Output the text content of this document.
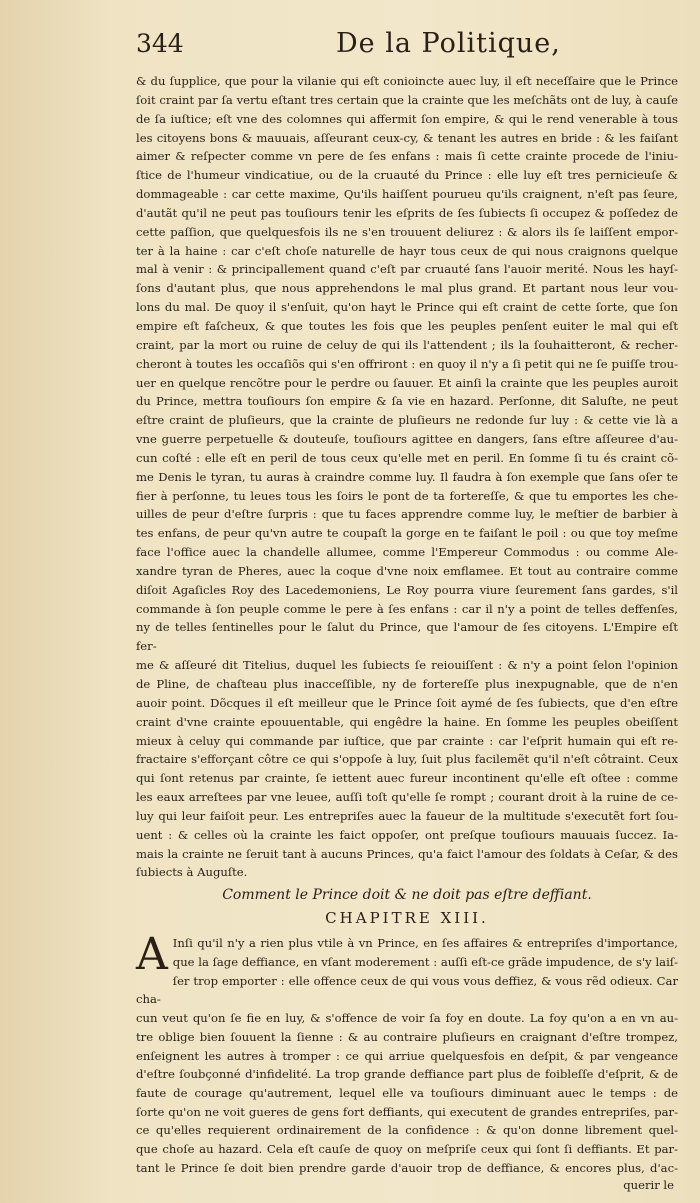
344	De la Politique,

& du ſupplice, que pour la vilanie qui eſt conioincte auec luy, il eſt neceſſaire que le Prince

ſoit craint par ſa vertu eſtant tres certain que la crainte que les meſchãts ont de luy, à cauſe

de ſa iuſtice; eſt vne des colomnes qui affermit ſon empire, & qui le rend venerable à tous

les citoyens bons & mauuais, aſſeurant ceux-cy, & tenant les autres en bride : & les faiſant

aimer & reſpecter comme vn pere de ſes enfans : mais ſi cette crainte procede de l'iniu-

ſtice de l'humeur vindicatiue, ou de la cruauté du Prince : elle luy eſt tres pernicieuſe &

dommageable : car cette maxime, Qu'ils haiſſent pourueu qu'ils craignent, n'eſt pas ſeure,

d'autãt qu'il ne peut pas touſiours tenir les eſprits de ſes ſubiects ſi occupez & poſſedez de

cette paſſion, que quelquesfois ils ne s'en trouuent deliurez : & alors ils ſe laiſſent empor-

ter à la haine : car c'eſt choſe naturelle de hayr tous ceux de qui nous craignons quelque

mal à venir : & principallement quand c'eſt par cruauté ſans l'auoir merité. Nous les hayſ-

ſons d'autant plus, que nous apprehendons le mal plus grand. Et partant nous leur vou-

lons du mal. De quoy il s'enſuit, qu'on hayt le Prince qui eſt craint de cette ſorte, que ſon

empire eſt faſcheux, & que toutes les fois que les peuples penſent euiter le mal qui eſt

craint, par la mort ou ruine de celuy de qui ils l'attendent ; ils la ſouhaitteront, & recher-

cheront à toutes les occaſiõs qui s'en offriront : en quoy il n'y a ſi petit qui ne ſe puiſſe trou-

uer en quelque rencõtre pour le perdre ou ſauuer. Et ainſi la crainte que les peuples auroit

du Prince, mettra touſiours ſon empire & ſa vie en hazard. Perſonne, dit Saluſte, ne peut

eſtre craint de pluſieurs, que la crainte de pluſieurs ne redonde ſur luy : & cette vie là a

vne guerre perpetuelle & douteuſe, touſiours agittee en dangers, ſans eſtre aſſeuree d'au-

cun coſté : elle eſt en peril de tous ceux qu'elle met en peril. En ſomme ſi tu és craint cõ-

me Denis le tyran, tu auras à craindre comme luy. Il faudra à ſon exemple que ſans oſer te

fier à perſonne, tu leues tous les ſoirs le pont de ta fortereſſe, & que tu emportes les che-

uilles de peur d'eſtre ſurpris : que tu faces apprendre comme luy, le meſtier de barbier à

tes enfans, de peur qu'vn autre te coupaſt la gorge en te faiſant le poil : ou que toy meſme

face l'office auec la chandelle allumee, comme l'Empereur Commodus : ou comme Ale-

xandre tyran de Pheres, auec la coque d'vne noix emflamee. Et tout au contraire comme

diſoit Agaſicles Roy des Lacedemoniens, Le Roy pourra viure ſeurement ſans gardes, s'il

commande à ſon peuple comme le pere à ſes enfans : car il n'y a point de telles deffenſes,

ny de telles ſentinelles pour le ſalut du Prince, que l'amour de ſes citoyens. L'Empire eſt fer-

me & aſſeuré dit Titelius, duquel les ſubiects ſe reiouiſſent : & n'y a point ſelon l'opinion

de Pline, de chaſteau plus inacceſſible, ny de fortereſſe plus inexpugnable, que de n'en

auoir point. Dõcques il eſt meilleur que le Prince ſoit aymé de ſes ſubiects, que d'en eſtre

craint d'vne crainte epouuentable, qui engêdre la haine. En ſomme les peuples obeiſſent

mieux à celuy qui commande par iuſtice, que par crainte : car l'eſprit humain qui eſt re-

fractaire s'efforçant côtre ce qui s'oppoſe à luy, ſuit plus facilemẽt qu'il n'eſt côtraint. Ceux

qui ſont retenus par crainte, ſe iettent auec fureur incontinent qu'elle eſt oſtee : comme

les eaux arreſtees par vne leuee, auſſi toſt qu'elle ſe rompt ; courant droit à la ruine de ce-

luy qui leur faiſoit peur. Les entrepriſes auec la faueur de la multitude s'executẽt fort ſou-

uent : & celles où la crainte les faict oppoſer, ont preſque touſiours mauuais ſuccez. Ia-

mais la crainte ne ſeruit tant à aucuns Princes, qu'a faict l'amour des ſoldats à Ceſar, & des

ſubiects à Auguſte.

Comment le Prince doit & ne doit pas eſtre deffiant.
CHAPITRE XIII.
A Inſi qu'il n'y a rien plus vtile à vn Prince, en ſes affaires & entrepriſes d'importance,

que la ſage deffiance, en vſant moderement : auſſi eſt-ce grãde impudence, de s'y laiſ-

ſer trop emporter : elle offence ceux de qui vous vous deffiez, & vous rẽd odieux. Car cha-

cun veut qu'on ſe fie en luy, & s'offence de voir ſa foy en doute. La foy qu'on a en vn au-

tre oblige bien ſouuent la ſienne : & au contraire pluſieurs en craignant d'eſtre trompez,

enſeignent les autres à tromper : ce qui arriue quelquesfois en deſpit, & par vengeance

d'eſtre ſoubçonné d'infidelité. La trop grande deffiance part plus de foibleſſe d'eſprit, & de

faute de courage qu'autrement, lequel elle va touſiours diminuant auec le temps : de

ſorte qu'on ne voit gueres de gens fort deffiants, qui executent de grandes entrepriſes, par-

ce qu'elles requierent ordinairement de la confidence : & qu'on donne librement quel-

que choſe au hazard. Cela eſt cauſe de quoy on meſpriſe ceux qui ſont ſi deffiants. Et par-

tant le Prince ſe doit bien prendre garde d'auoir trop de deffiance, & encores plus, d'ac-

querir le
